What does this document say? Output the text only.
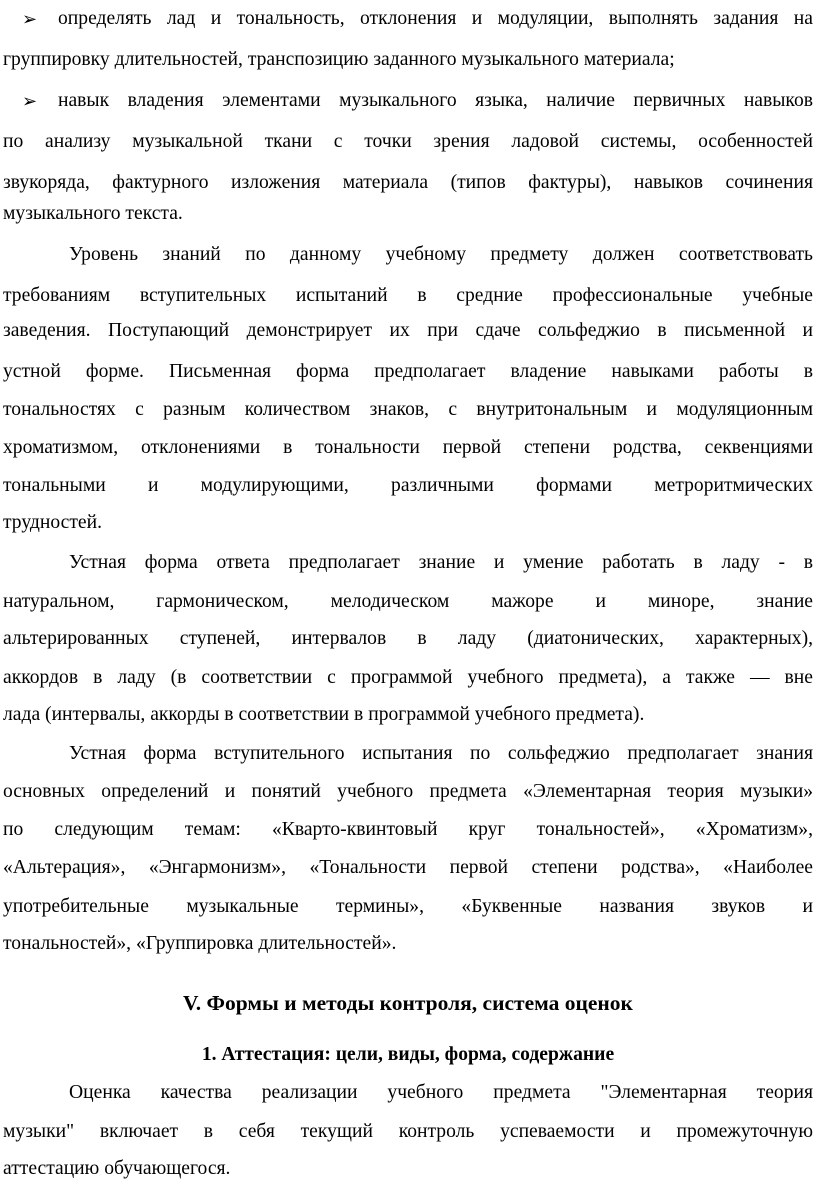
➢	определять лад и тональность, отклонения и модуляции, выполнять задания на
группировку длительностей, транспозицию заданного музыкального материала;
➢	навык владения элементами музыкального языка, наличие первичных навыков
по анализу музыкальной ткани с точки зрения ладовой системы, особенностей
звукоряда, фактурного изложения материала (типов фактуры), навыков сочинения
музыкального текста.
Уровень знаний по данному учебному предмету должен соответствовать
требованиям вступительных испытаний в средние профессиональные учебные
заведения. Поступающий демонстрирует их при сдаче сольфеджио в письменной и
устной форме. Письменная форма предполагает владение навыками работы в
тональностях с разным количеством знаков, с внутритональным и модуляционным
хроматизмом, отклонениями в тональности первой степени родства, секвенциями
тональными и модулирующими, различными формами метроритмических
трудностей.
Устная форма ответа предполагает знание и умение работать в ладу - в
натуральном, гармоническом, мелодическом мажоре и миноре, знание
альтерированных ступеней, интервалов в ладу (диатонических, характерных),
аккордов в ладу (в соответствии с программой учебного предмета), а также — вне
лада (интервалы, аккорды в соответствии в программой учебного предмета).
Устная форма вступительного испытания по сольфеджио предполагает знания
основных определений и понятий учебного предмета «Элементарная теория музыки»
по следующим темам: «Кварто-квинтовый круг тональностей», «Хроматизм»,
«Альтерация», «Энгармонизм», «Тональности первой степени родства», «Наиболее
употребительные музыкальные термины», «Буквенные названия звуков и
тональностей», «Группировка длительностей».
V. Формы и методы контроля, система оценок
1. Аттестация: цели, виды, форма, содержание
Оценка качества реализации учебного предмета "Элементарная теория
музыки" включает в себя текущий контроль успеваемости и промежуточную
аттестацию обучающегося.
